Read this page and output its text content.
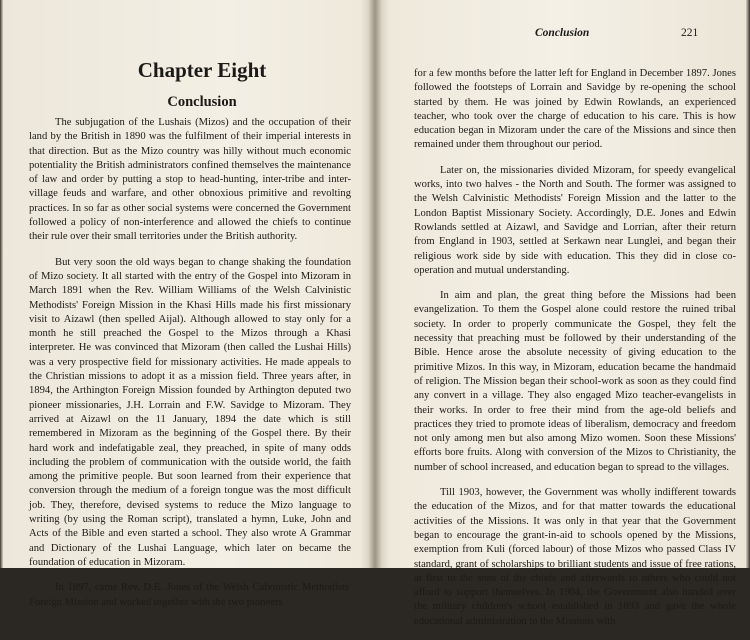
Chapter Eight
Conclusion

The subjugation of the Lushais (Mizos) and the occupation of their land by the British in 1890 was the fulfilment of their imperial interests in that direction. But as the Mizo country was hilly without much economic potentiality the British administrators confined themselves the maintenance of law and order by putting a stop to head-hunting, inter-tribe and inter-village feuds and warfare, and other obnoxious primitive and revolting practices. In so far as other social systems were concerned the Government followed a policy of non-interference and allowed the chiefs to continue their rule over their small territories under the British authority.

But very soon the old ways began to change shaking the foundation of Mizo society. It all started with the entry of the Gospel into Mizoram in March 1891 when the Rev. William Williams of the Welsh Calvinistic Methodists' Foreign Mission in the Khasi Hills made his first missionary visit to Aizawl (then spelled Aijal). Although allowed to stay only for a month he still preached the Gospel to the Mizos through a Khasi interpreter. He was convinced that Mizoram (then called the Lushai Hills) was a very prospective field for missionary activities. He made appeals to the Christian missions to adopt it as a mission field. Three years after, in 1894, the Arthington Foreign Mission founded by Arthington deputed two pioneer missionaries, J.H. Lorrain and F.W. Savidge to Mizoram. They arrived at Aizawl on the 11 January, 1894 the date which is still remembered in Mizoram as the beginning of the Gospel there. By their hard work and indefatigable zeal, they preached, in spite of many odds including the problem of communication with the outside world, the faith among the primitive people. But soon learned from their experience that conversion through the medium of a foreign tongue was the most difficult job. They, therefore, devised systems to reduce the Mizo language to writing (by using the Roman script), translated a hymn, Luke, John and Acts of the Bible and even started a school. They also wrote A Grammar and Dictionary of the Lushai Language, which later on became the foundation of education in Mizoram.

In 1897, came Rev. D.E. Jones of the Welsh Calvinistic Methodists' Foreign Mission and worked together with the two pioneers

Conclusion	221

for a few months before the latter left for England in December 1897. Jones followed the footsteps of Lorrain and Savidge by re-opening the school started by them. He was joined by Edwin Rowlands, an experienced teacher, who took over the charge of education to his care. This is how education began in Mizoram under the care of the Missions and since then remained under them throughout our period.

Later on, the missionaries divided Mizoram, for speedy evangelical works, into two halves - the North and South. The former was assigned to the Welsh Calvinistic Methodists' Foreign Mission and the latter to the London Baptist Missionary Society. Accordingly, D.E. Jones and Edwin Rowlands settled at Aizawl, and Savidge and Lorrian, after their return from England in 1903, settled at Serkawn near Lunglei, and began their religious work side by side with education. This they did in close co-operation and mutual understanding.

In aim and plan, the great thing before the Missions had been evangelization. To them the Gospel alone could restore the ruined tribal society. In order to properly communicate the Gospel, they felt the necessity that preaching must be followed by their understanding of the Bible. Hence arose the absolute necessity of giving education to the primitive Mizos. In this way, in Mizoram, education became the handmaid of religion. The Mission began their school-work as soon as they could find any convert in a village. They also engaged Mizo teacher-evangelists in their works. In order to free their mind from the age-old beliefs and practices they tried to promote ideas of liberalism, democracy and freedom not only among men but also among Mizo women. Soon these Missions' efforts bore fruits. Along with conversion of the Mizos to Christianity, the number of school increased, and education began to spread to the villages.

Till 1903, however, the Government was wholly indifferent towards the education of the Mizos, and for that matter towards the educational activities of the Missions. It was only in that year that the Government began to encourage the grant-in-aid to schools opened by the Missions, exemption from Kuli (forced labour) of those Mizos who passed Class IV standard, grant of scholarships to brilliant students and issue of free rations, at first to the sons of the chiefs and afterwards to others who could not afford to support themselves. In 1904, the Government also handed over the military children's school established in 1893 and gave the whole educational administration to the Missions with
